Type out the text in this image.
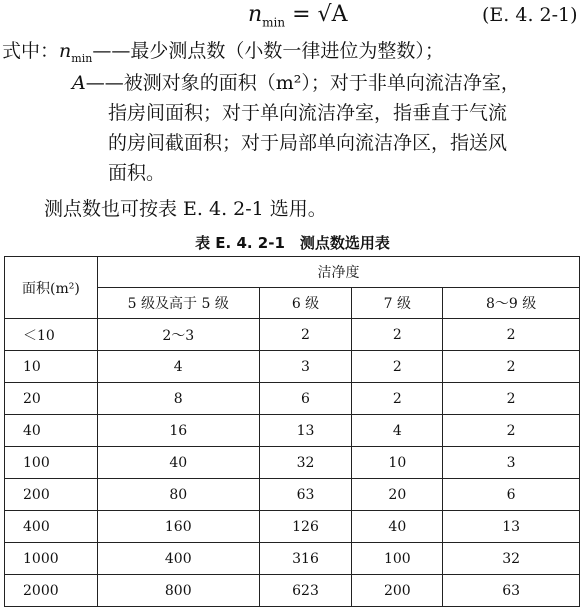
$n_{min} = √A$	(E. 4. 2-1)
式中：$n_{min}——$最少测点数（小数一律进位为整数）；
A——被测对象的面积（m²）；对于非单向流洁净室，
指房间面积；对于单向流洁净室，指垂直于气流
的房间截面积；对于局部单向流洁净区，指送风
面积。
测点数也可按表 E. 4. 2-1 选用。
表 E. 4. 2-1　测点数选用表
面积(m²)	洁净度			
	5 级及高于 5 级	6 级	7 级	8～9 级
＜10	2～3	2	2	2
10	4	3	2	2
20	8	6	2	2
40	16	13	4	2
100	40	32	10	3
200	80	63	20	6
400	160	126	40	13
1000	400	316	100	32
2000	800	623	200	63
